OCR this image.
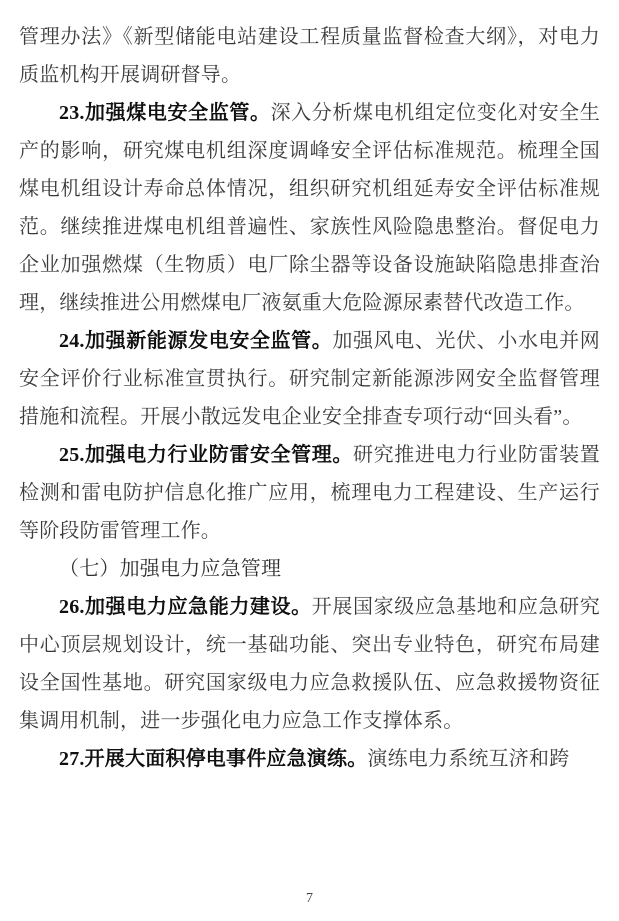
管理办法》《新型储能电站建设工程质量监督检查大纲》，对电力质监机构开展调研督导。

23.加强煤电安全监管。深入分析煤电机组定位变化对安全生产的影响，研究煤电机组深度调峰安全评估标准规范。梳理全国煤电机组设计寿命总体情况，组织研究机组延寿安全评估标准规范。继续推进煤电机组普遍性、家族性风险隐患整治。督促电力企业加强燃煤（生物质）电厂除尘器等设备设施缺陷隐患排查治理，继续推进公用燃煤电厂液氨重大危险源尿素替代改造工作。

24.加强新能源发电安全监管。加强风电、光伏、小水电并网安全评价行业标准宣贯执行。研究制定新能源涉网安全监督管理措施和流程。开展小散远发电企业安全排查专项行动“回头看”。

25.加强电力行业防雷安全管理。研究推进电力行业防雷装置检测和雷电防护信息化推广应用，梳理电力工程建设、生产运行等阶段防雷管理工作。

（七）加强电力应急管理

26.加强电力应急能力建设。开展国家级应急基地和应急研究中心顶层规划设计，统一基础功能、突出专业特色，研究布局建设全国性基地。研究国家级电力应急救援队伍、应急救援物资征集调用机制，进一步强化电力应急工作支撑体系。

27.开展大面积停电事件应急演练。演练电力系统互济和跨

7
